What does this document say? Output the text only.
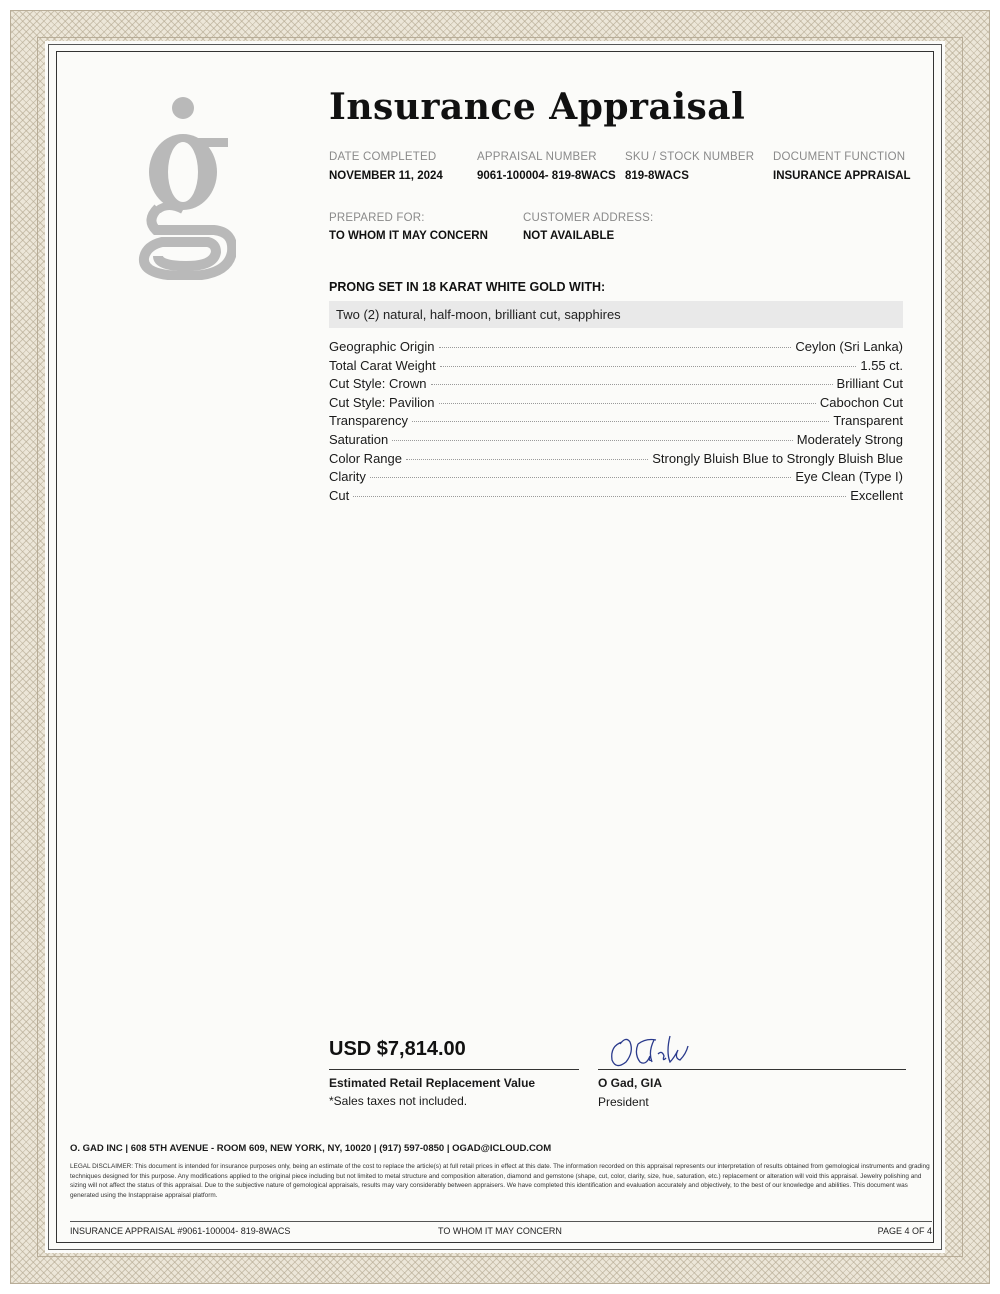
Insurance Appraisal
DATE COMPLETED
NOVEMBER 11, 2024
APPRAISAL NUMBER
9061-100004- 819-8WACS
SKU / STOCK NUMBER
819-8WACS
DOCUMENT FUNCTION
INSURANCE APPRAISAL
PREPARED FOR:
TO WHOM IT MAY CONCERN
CUSTOMER ADDRESS:
NOT AVAILABLE
PRONG SET IN 18 KARAT WHITE GOLD WITH:
Two (2) natural, half-moon, brilliant cut, sapphires
Geographic Origin	Ceylon (Sri Lanka)
Total Carat Weight	1.55 ct.
Cut Style: Crown	Brilliant Cut
Cut Style: Pavilion	Cabochon Cut
Transparency	Transparent
Saturation	Moderately Strong
Color Range	Strongly Bluish Blue to Strongly Bluish Blue
Clarity	Eye Clean (Type I)
Cut	Excellent
USD $7,814.00
Estimated Retail Replacement Value
*Sales taxes not included.
O Gad, GIA
President
O. GAD INC | 608 5TH AVENUE - ROOM 609, NEW YORK, NY, 10020 | (917) 597-0850 | OGAD@ICLOUD.COM
LEGAL DISCLAIMER: This document is intended for insurance purposes only, being an estimate of the cost to replace the article(s) at full retail prices in effect at this date. The information recorded on this appraisal represents our interpretation of results obtained from gemological instruments and grading techniques designed for this purpose. Any modifications applied to the original piece including but not limited to metal structure and composition alteration, diamond and gemstone (shape, cut, color, clarity, size, hue, saturation, etc.) replacement or alteration will void this appraisal. Jewelry polishing and sizing will not affect the status of this appraisal. Due to the subjective nature of gemological appraisals, results may vary considerably between appraisers. We have completed this identification and evaluation accurately and objectively, to the best of our knowledge and abilities. This document was generated using the Instappraise appraisal platform.
INSURANCE APPRAISAL #9061-100004- 819-8WACS	TO WHOM IT MAY CONCERN	PAGE 4 OF 4
